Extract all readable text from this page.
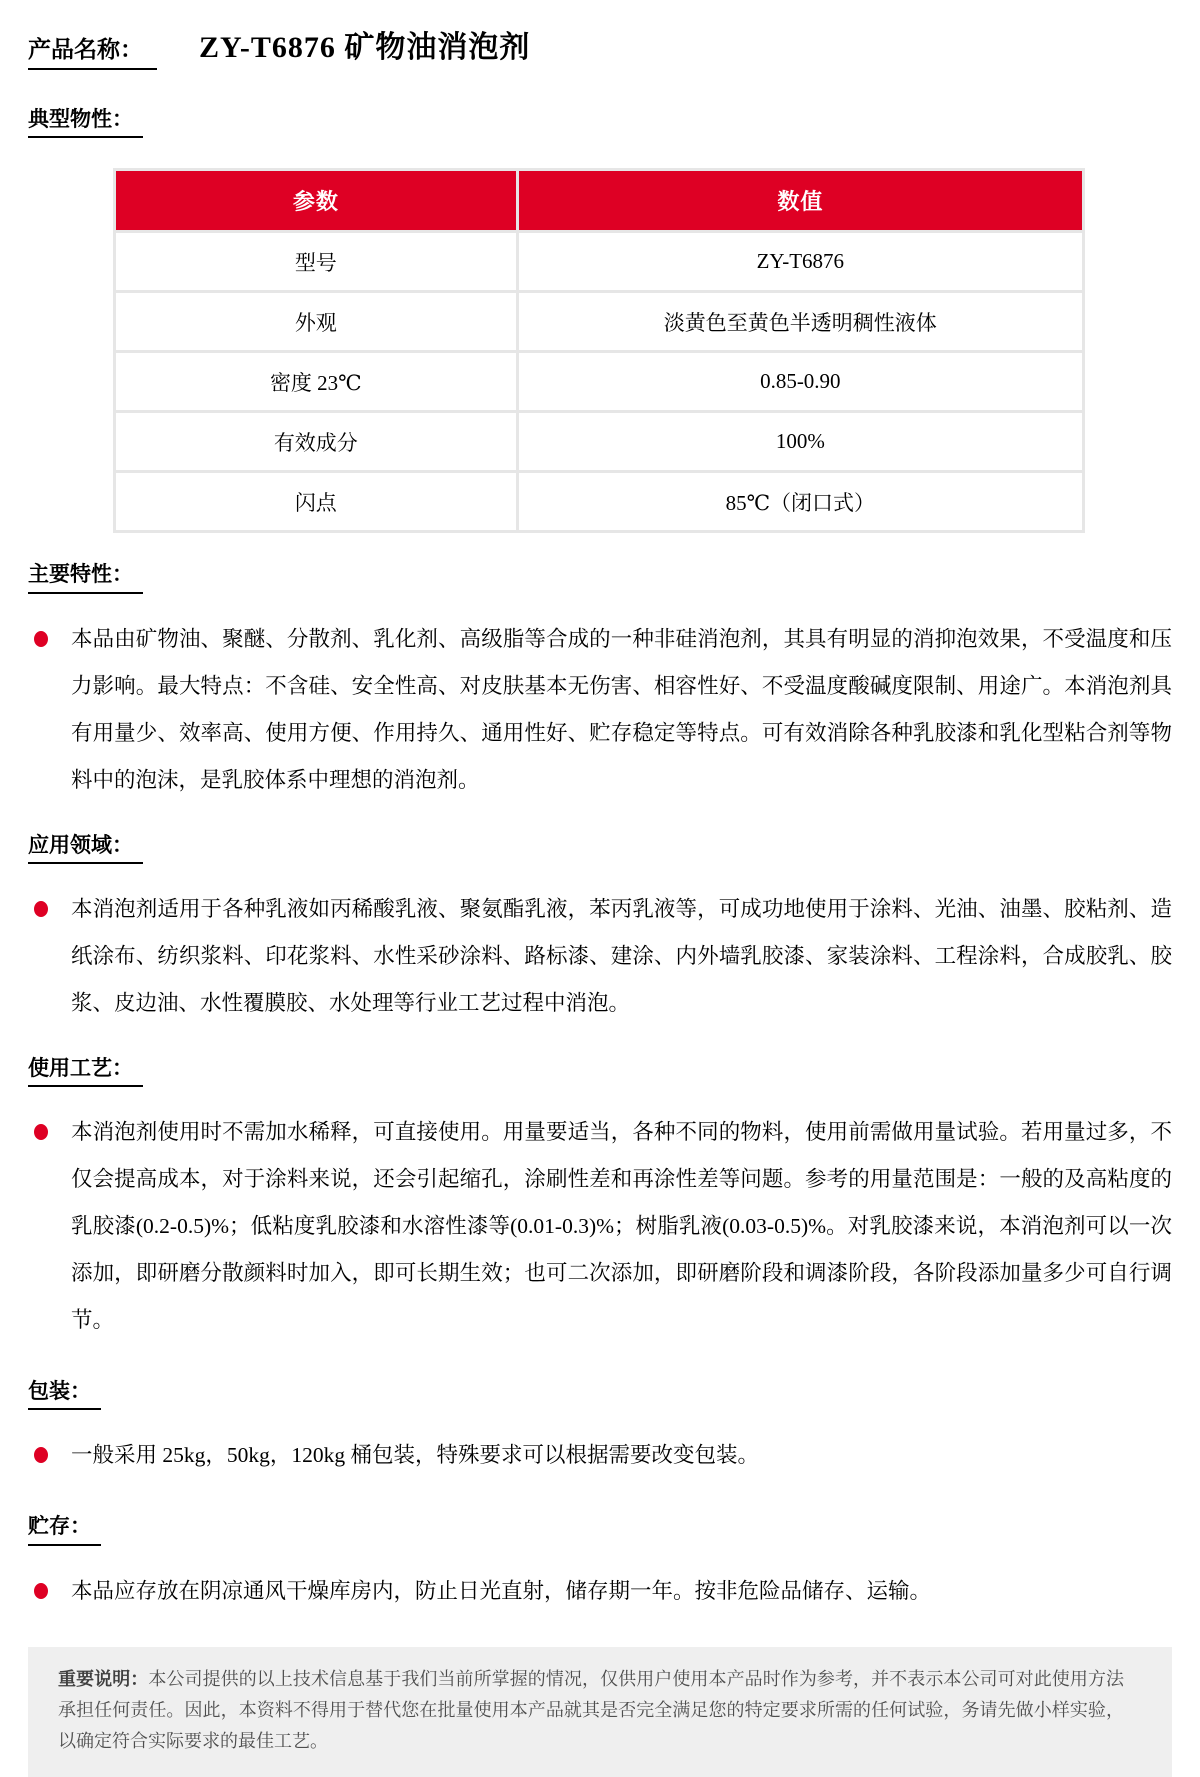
产品名称：	ZY-T6876 矿物油消泡剂
典型物性：
参数	数值
型号	ZY-T6876
外观	淡黄色至黄色半透明稠性液体
密度 23℃	0.85-0.90
有效成分	100%
闪点	85℃（闭口式）
主要特性：

本品由矿物油、聚醚、分散剂、乳化剂、高级脂等合成的一种非硅消泡剂，其具有明显的消抑泡效果，不受温度和压力影响。最大特点：不含硅、安全性高、对皮肤基本无伤害、相容性好、不受温度酸碱度限制、用途广。本消泡剂具有用量少、效率高、使用方便、作用持久、通用性好、贮存稳定等特点。可有效消除各种乳胶漆和乳化型粘合剂等物料中的泡沫，是乳胶体系中理想的消泡剂。

应用领域：

本消泡剂适用于各种乳液如丙稀酸乳液、聚氨酯乳液，苯丙乳液等，可成功地使用于涂料、光油、油墨、胶粘剂、造纸涂布、纺织浆料、印花浆料、水性采砂涂料、路标漆、建涂、内外墙乳胶漆、家装涂料、工程涂料，合成胶乳、胶浆、皮边油、水性覆膜胶、水处理等行业工艺过程中消泡。

使用工艺：

本消泡剂使用时不需加水稀释，可直接使用。用量要适当，各种不同的物料，使用前需做用量试验。若用量过多，不仅会提高成本，对于涂料来说，还会引起缩孔，涂刷性差和再涂性差等问题。参考的用量范围是：一般的及高粘度的乳胶漆(0.2-0.5)%；低粘度乳胶漆和水溶性漆等(0.01-0.3)%；树脂乳液(0.03-0.5)%。对乳胶漆来说，本消泡剂可以一次添加，即研磨分散颜料时加入，即可长期生效；也可二次添加，即研磨阶段和调漆阶段，各阶段添加量多少可自行调节。

包装：

一般采用 25kg，50kg，120kg 桶包装，特殊要求可以根据需要改变包装。

贮存：

本品应存放在阴凉通风干燥库房内，防止日光直射，储存期一年。按非危险品储存、运输。

重要说明：本公司提供的以上技术信息基于我们当前所掌握的情况，仅供用户使用本产品时作为参考，并不表示本公司可对此使用方法承担任何责任。因此，本资料不得用于替代您在批量使用本产品就其是否完全满足您的特定要求所需的任何试验，务请先做小样实验，以确定符合实际要求的最佳工艺。
